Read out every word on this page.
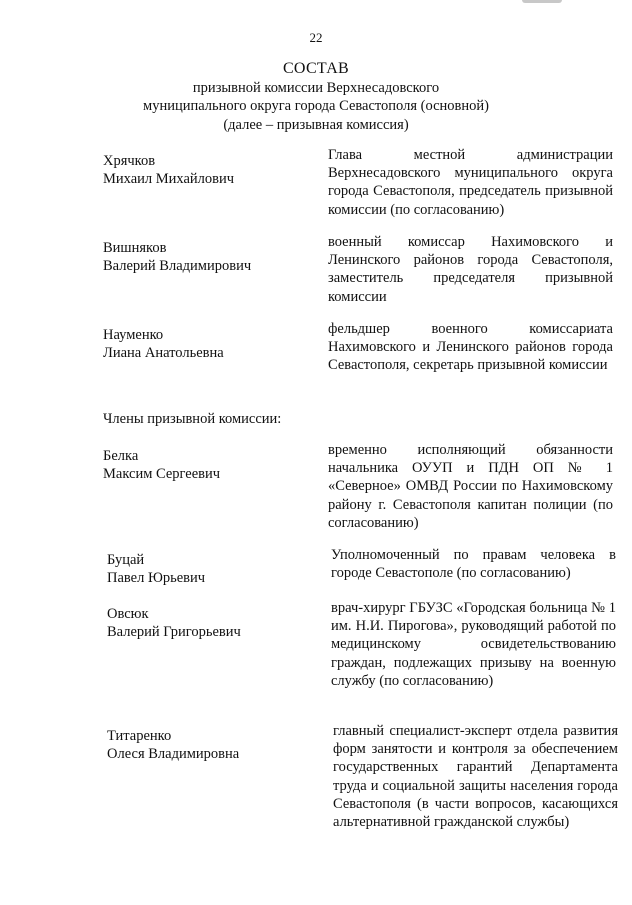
22
СОСТАВ
призывной комиссии Верхнесадовского
муниципального округа города Севастополя (основной)
(далее – призывная комиссия)
Хрячков
Михаил Михайлович
Глава местной администрации Верхнесадовского муниципального округа города Севастополя, председатель призывной комиссии (по согласованию)
Вишняков
Валерий Владимирович
военный комиссар Нахимовского и Ленинского районов города Севастополя, заместитель председателя призывной комиссии
Науменко
Лиана Анатольевна
фельдшер военного комиссариата Нахимовского и Ленинского районов города Севастополя, секретарь призывной комиссии
Члены призывной комиссии:
Белка
Максим Сергеевич
временно исполняющий обязанности начальника ОУУП и ПДН ОП № 1 «Северное» ОМВД России по Нахимовскому району г. Севастополя капитан полиции (по согласованию)
Буцай
Павел Юрьевич
Уполномоченный по правам человека в городе Севастополе (по согласованию)
Овсюк
Валерий Григорьевич
врач-хирург ГБУЗС «Городская больница № 1 им. Н.И. Пирогова», руководящий работой по медицинскому освидетельствованию граждан, подлежащих призыву на военную службу (по согласованию)
Титаренко
Олеся Владимировна
главный специалист-эксперт отдела развития форм занятости и контроля за обеспечением государственных гарантий Департамента труда и социальной защиты населения города Севастополя (в части вопросов, касающихся альтернативной гражданской службы)
